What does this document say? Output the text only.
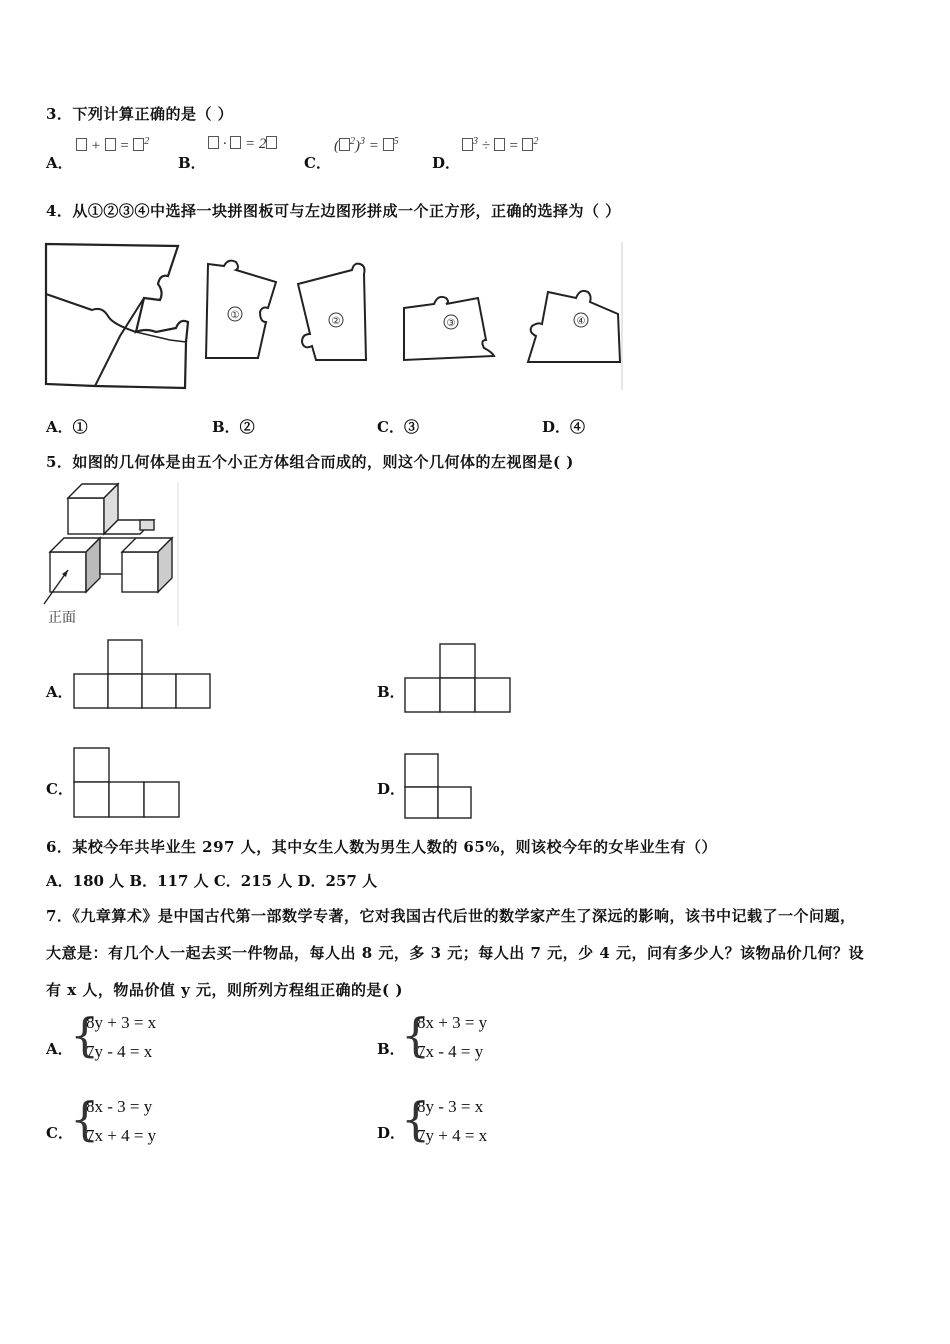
3．下列计算正确的是（ ）
A．
+ = $^2$
B．
· = 2
C．
( $^2$)$^3$ = $^5$
D．
$^3$ ÷ = $^2$
4．从①②③④中选择一块拼图板可与左边图形拼成一个正方形，正确的选择为（ ）
①
②	③	④
A．①	B．②	C．③	D．④
5．如图的几何体是由五个小正方体组合而成的，则这个几何体的左视图是( )
正面
A．	B．
C．	D．
6．某校今年共毕业生 297 人，其中女生人数为男生人数的 65%，则该校今年的女毕业生有（）
A．180 人 B．117 人 C．215 人 D．257 人
7．《九章算术》是中国古代第一部数学专著，它对我国古代后世的数学家产生了深远的影响，该书中记载了一个问题，
大意是：有几个人一起去买一件物品，每人出 8 元，多 3 元；每人出 7 元，少 4 元，问有多少人？该物品价几何？设
有 x 人，物品价值 y 元，则所列方程组正确的是( )
A．
{
8y + 3 = x
7y - 4 = x	B．
{
8x + 3 = y
7x - 4 = y
C．
{
8x - 3 = y
7x + 4 = y	D．
{
8y - 3 = x
7y + 4 = x
